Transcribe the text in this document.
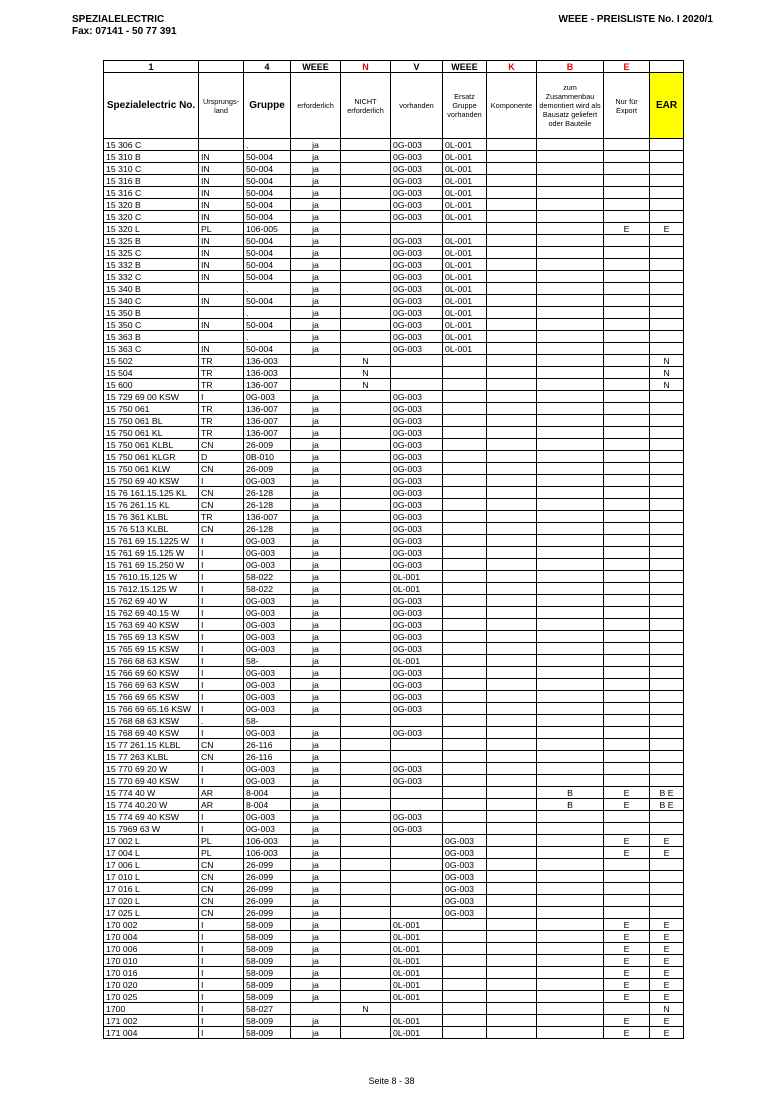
SPEZIALELECTRIC
Fax: 07141 - 50 77 391
WEEE - PREISLISTE No. I 2020/1
1		4	WEEE	N	V	WEEE	K	B	E	
Spezialelectric No.	Ursprungs-land	Gruppe	erforderlich	NICHT erforderlich	vorhanden	Ersatz Gruppe vorhanden	Komponente	zum Zusammenbau demontiert wird als Bausatz geliefert oder Bauteile	Nur für Export	EAR
15 306 C		.	ja		0G-003	0L-001				
15 310 B	IN	50-004	ja		0G-003	0L-001				
15 310 C	IN	50-004	ja		0G-003	0L-001				
15 316 B	IN	50-004	ja		0G-003	0L-001				
15 316 C	IN	50-004	ja		0G-003	0L-001				
15 320 B	IN	50-004	ja		0G-003	0L-001				
15 320 C	IN	50-004	ja		0G-003	0L-001				
15 320 L	PL	106-005	ja						E	E
15 325 B	IN	50-004	ja		0G-003	0L-001				
15 325 C	IN	50-004	ja		0G-003	0L-001				
15 332 B	IN	50-004	ja		0G-003	0L-001				
15 332 C	IN	50-004	ja		0G-003	0L-001				
15 340 B		.	ja		0G-003	0L-001				
15 340 C	IN	50-004	ja		0G-003	0L-001				
15 350 B		.	ja		0G-003	0L-001				
15 350 C	IN	50-004	ja		0G-003	0L-001				
15 363 B		.	ja		0G-003	0L-001				
15 363 C	IN	50-004	ja		0G-003	0L-001				
15 502	TR	136-003		N						N
15 504	TR	136-003		N						N
15 600	TR	136-007		N						N
15 729 69 00 KSW	I	0G-003	ja		0G-003					
15 750 061	TR	136-007	ja		0G-003					
15 750 061 BL	TR	136-007	ja		0G-003					
15 750 061 KL	TR	136-007	ja		0G-003					
15 750 061 KLBL	CN	26-009	ja		0G-003					
15 750 061 KLGR	D	0B-010	ja		0G-003					
15 750 061 KLW	CN	26-009	ja		0G-003					
15 750 69 40 KSW	I	0G-003	ja		0G-003					
15 76 161.15.125 KL	CN	26-128	ja		0G-003					
15 76 261.15 KL	CN	26-128	ja		0G-003					
15 76 361 KLBL	TR	136-007	ja		0G-003					
15 76 513 KLBL	CN	26-128	ja		0G-003					
15 761 69 15.1225 W	I	0G-003	ja		0G-003					
15 761 69 15.125 W	I	0G-003	ja		0G-003					
15 761 69 15.250 W	I	0G-003	ja		0G-003					
15 7610.15.125 W	I	58-022	ja		0L-001					
15 7612.15.125 W	I	58-022	ja		0L-001					
15 762 69 40 W	I	0G-003	ja		0G-003					
15 762 69 40.15 W	I	0G-003	ja		0G-003					
15 763 69 40 KSW	I	0G-003	ja		0G-003					
15 765 69 13 KSW	I	0G-003	ja		0G-003					
15 765 69 15 KSW	I	0G-003	ja		0G-003					
15 766 68 63 KSW	I	58-	ja		0L-001					
15 766 69 60 KSW	I	0G-003	ja		0G-003					
15 766 69 63 KSW	I	0G-003	ja		0G-003					
15 766 69 65 KSW	I	0G-003	ja		0G-003					
15 766 69 65.16 KSW	I	0G-003	ja		0G-003					
15 768 68 63 KSW	.	58-								
15 768 69 40 KSW	I	0G-003	ja		0G-003					
15 77 261.15 KLBL	CN	26-116	ja							
15 77 263 KLBL	CN	26-116	ja							
15 770 69 20 W	I	0G-003	ja		0G-003					
15 770 69 40 KSW	I	0G-003	ja		0G-003					
15 774 40 W	AR	8-004	ja					B	E	B E
15 774 40.20 W	AR	8-004	ja					B	E	B E
15 774 69 40 KSW	I	0G-003	ja		0G-003					
15 7969 63 W	I	0G-003	ja		0G-003					
17 002 L	PL	106-003	ja			0G-003			E	E
17 004 L	PL	106-003	ja			0G-003			E	E
17 006 L	CN	26-099	ja			0G-003				
17 010 L	CN	26-099	ja			0G-003				
17 016 L	CN	26-099	ja			0G-003				
17 020 L	CN	26-099	ja			0G-003				
17 025 L	CN	26-099	ja			0G-003				
170 002	I	58-009	ja		0L-001				E	E
170 004	I	58-009	ja		0L-001				E	E
170 006	I	58-009	ja		0L-001				E	E
170 010	I	58-009	ja		0L-001				E	E
170 016	I	58-009	ja		0L-001				E	E
170 020	I	58-009	ja		0L-001				E	E
170 025	I	58-009	ja		0L-001				E	E
1700	I	58-027		N						N
171 002	I	58-009	ja		0L-001				E	E
171 004	I	58-009	ja		0L-001				E	E
Seite 8 - 38
